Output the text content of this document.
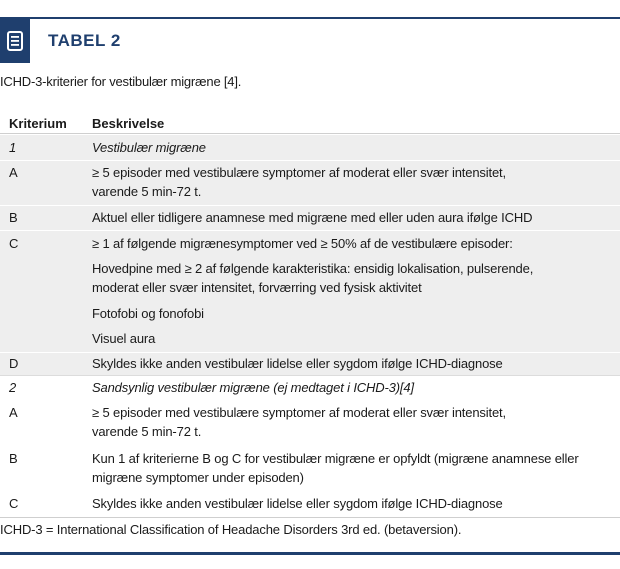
TABEL 2
ICHD-3-kriterier for vestibulær migræne [4].
Kriterium Beskrivelse
1	Vestibulær migræne
A	≥ 5 episoder med vestibulære symptomer af moderat eller svær intensitet,
varende 5 min-72 t.
B	Aktuel eller tidligere anamnese med migræne med eller uden aura ifølge ICHD
C	≥ 1 af følgende migrænesymptomer ved ≥ 50% af de vestibulære episoder:
Hovedpine med ≥ 2 af følgende karakteristika: ensidig lokalisation, pulserende,
moderat eller svær intensitet, forværring ved fysisk aktivitet
Fotofobi og fonofobi
Visuel aura
D	Skyldes ikke anden vestibulær lidelse eller sygdom ifølge ICHD-diagnose
2	Sandsynlig vestibulær migræne (ej medtaget i ICHD-3)[4]
A	≥ 5 episoder med vestibulære symptomer af moderat eller svær intensitet,
varende 5 min-72 t.
B	Kun 1 af kriterierne B og C for vestibulær migræne er opfyldt (migræne anamnese eller
migræne symptomer under episoden)
C	Skyldes ikke anden vestibulær lidelse eller sygdom ifølge ICHD-diagnose
ICHD-3 = International Classification of Headache Disorders 3rd ed. (betaversion).
